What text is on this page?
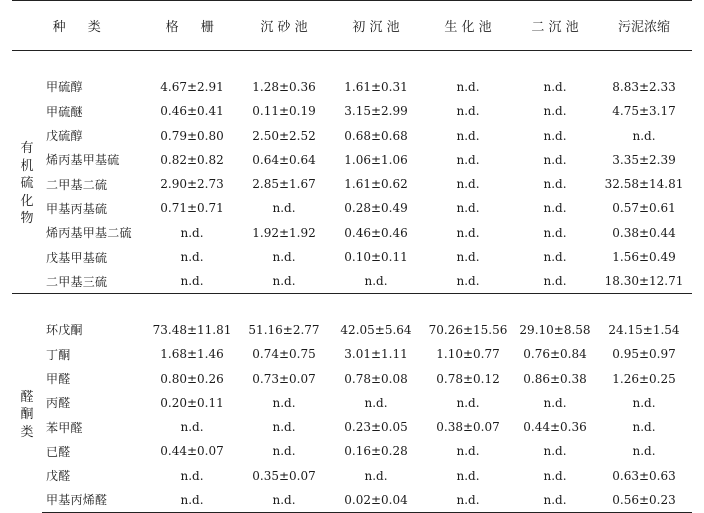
种　类		格　栅	沉 砂 池	初 沉 池	生 化 池	二 沉 池	污泥浓缩

有
机
硫
化
物	甲硫醇	4.67±2.91	1.28±0.36	1.61±0.31	n.d.	n.d.	8.83±2.33
	甲硫醚	0.46±0.41	0.11±0.19	3.15±2.99	n.d.	n.d.	4.75±3.17
	戊硫醇	0.79±0.80	2.50±2.52	0.68±0.68	n.d.	n.d.	n.d.
	烯丙基甲基硫	0.82±0.82	0.64±0.64	1.06±1.06	n.d.	n.d.	3.35±2.39
	二甲基二硫	2.90±2.73	2.85±1.67	1.61±0.62	n.d.	n.d.	32.58±14.81
	甲基丙基硫	0.71±0.71	n.d.	0.28±0.49	n.d.	n.d.	0.57±0.61
	烯丙基甲基二硫	n.d.	1.92±1.92	0.46±0.46	n.d.	n.d.	0.38±0.44
	戊基甲基硫	n.d.	n.d.	0.10±0.11	n.d.	n.d.	1.56±0.49
	二甲基三硫	n.d.	n.d.	n.d.	n.d.	n.d.	18.30±12.71

醛
酮
类	环戊酮	73.48±11.81	51.16±2.77	42.05±5.64	70.26±15.56	29.10±8.58	24.15±1.54
	丁酮	1.68±1.46	0.74±0.75	3.01±1.11	1.10±0.77	0.76±0.84	0.95±0.97
	甲醛	0.80±0.26	0.73±0.07	0.78±0.08	0.78±0.12	0.86±0.38	1.26±0.25
	丙醛	0.20±0.11	n.d.	n.d.	n.d.	n.d.	n.d.
	苯甲醛	n.d.	n.d.	0.23±0.05	0.38±0.07	0.44±0.36	n.d.
	已醛	0.44±0.07	n.d.	0.16±0.28	n.d.	n.d.	n.d.
	戊醛	n.d.	0.35±0.07	n.d.	n.d.	n.d.	0.63±0.63
	甲基丙烯醛	n.d.	n.d.	0.02±0.04	n.d.	n.d.	0.56±0.23
